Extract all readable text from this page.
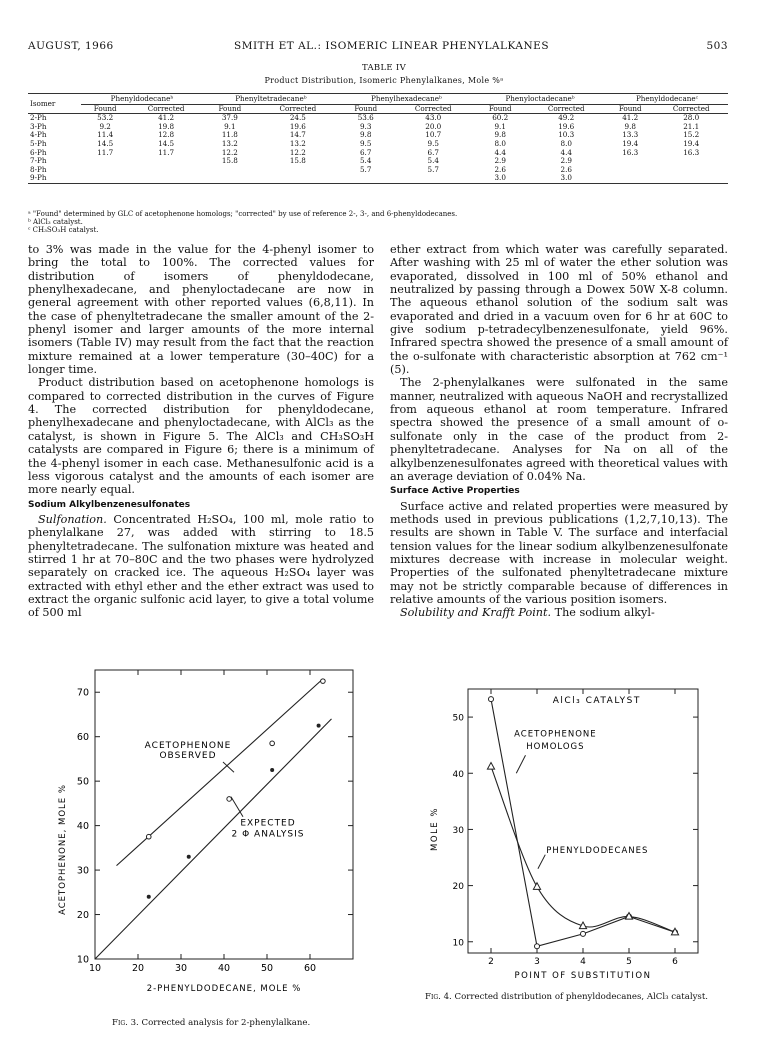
AUGUST, 1966	SMITH ET AL.: ISOMERIC LINEAR PHENYLALKANES	503
TABLE IV
Product Distribution, Isomeric Phenylalkanes, Mole %ᵃ
Isomer	Phenyldodecaneᵇ		Phenyltetradecaneᵇ		Phenylhexadecaneᵇ		Phenyloctadecaneᵇ		Phenyldodecaneᶜ	
	Found	Corrected	Found	Corrected	Found	Corrected	Found	Corrected	Found	Corrected
2-Ph	53.2	41.2	37.9	24.5	53.6	43.0	60.2	49.2	41.2	28.0
3-Ph	9.2	19.8	9.1	19.6	9.3	20.0	9.1	19.6	9.8	21.1
4-Ph	11.4	12.8	11.8	14.7	9.8	10.7	9.8	10.3	13.3	15.2
5-Ph	14.5	14.5	13.2	13.2	9.5	9.5	8.0	8.0	19.4	19.4
6-Ph	11.7	11.7	12.2	12.2	6.7	6.7	4.4	4.4	16.3	16.3
7-Ph			15.8	15.8	5.4	5.4	2.9	2.9		
8-Ph					5.7	5.7	2.6	2.6		
9-Ph							3.0	3.0		
ᵃ "Found" determined by GLC of acetophenone homologs; "corrected" by use of reference 2-, 3-, and 6-phenyldodecanes.
ᵇ AlCl₃ catalyst.
ᶜ CH₃SO₃H catalyst.

to 3% was made in the value for the 4-phenyl isomer to bring the total to 100%. The corrected values for distribution of isomers of phenyldodecane, phenylhexadecane, and phenyloctadecane are now in general agreement with other reported values (6,8,11). In the case of phenyltetradecane the smaller amount of the 2-phenyl isomer and larger amounts of the more internal isomers (Table IV) may result from the fact that the reaction mixture remained at a lower temperature (30–40C) for a longer time.

Product distribution based on acetophenone homologs is compared to corrected distribution in the curves of Figure 4. The corrected distribution for phenyldodecane, phenylhexadecane and phenyloctadecane, with AlCl₃ as the catalyst, is shown in Figure 5. The AlCl₃ and CH₃SO₃H catalysts are compared in Figure 6; there is a minimum of the 4-phenyl isomer in each case. Methanesulfonic acid is a less vigorous catalyst and the amounts of each isomer are more nearly equal.

Sodium Alkylbenzenesulfonates

Sulfonation. Concentrated H₂SO₄, 100 ml, mole ratio to phenylalkane 27, was added with stirring to 18.5 phenyltetradecane. The sulfonation mixture was heated and stirred 1 hr at 70–80C and the two phases were hydrolyzed separately on cracked ice. The aqueous H₂SO₄ layer was extracted with ethyl ether and the ether extract was used to extract the organic sulfonic acid layer, to give a total volume of 500 ml

ether extract from which water was carefully separated. After washing with 25 ml of water the ether solution was evaporated, dissolved in 100 ml of 50% ethanol and neutralized by passing through a Dowex 50W X-8 column. The aqueous ethanol solution of the sodium salt was evaporated and dried in a vacuum oven for 6 hr at 60C to give sodium p-tetradecylbenzenesulfonate, yield 96%. Infrared spectra showed the presence of a small amount of the o-sulfonate with characteristic absorption at 762 cm⁻¹ (5).

The 2-phenylalkanes were sulfonated in the same manner, neutralized with aqueous NaOH and recrystallized from aqueous ethanol at room temperature. Infrared spectra showed the presence of a small amount of o-sulfonate only in the case of the product from 2-phenyltetradecane. Analyses for Na on all of the alkylbenzenesulfonates agreed with theoretical values with an average deviation of 0.04% Na.

Surface Active Properties

Surface active and related properties were measured by methods used in previous publications (1,2,7,10,13). The results are shown in Table V. The surface and interfacial tension values for the linear sodium alkylbenzenesulfonate mixtures decrease with increase in molecular weight. Properties of the sulfonated phenyltetradecane mixture may not be strictly comparable because of differences in relative amounts of the various position isomers.

Solubility and Krafft Point. The sodium alkyl-

10	20	30	40	50	60
10
20
30
40
50
60
70
2-PHENYLDODECANE, MOLE %
ACETOPHENONE, MOLE %
ACETOPHENONE
OBSERVED
EXPECTED
2 Φ ANALYSIS
Fig. 3. Corrected analysis for 2-phenylalkane.
2	3	4	5	6
10
20
30
40
50
POINT OF SUBSTITUTION
MOLE %
AlCl₃ CATALYST
ACETOPHENONE
HOMOLOGS
PHENYLDODECANES
Fig. 4. Corrected distribution of phenyldodecanes, AlCl₃ catalyst.
